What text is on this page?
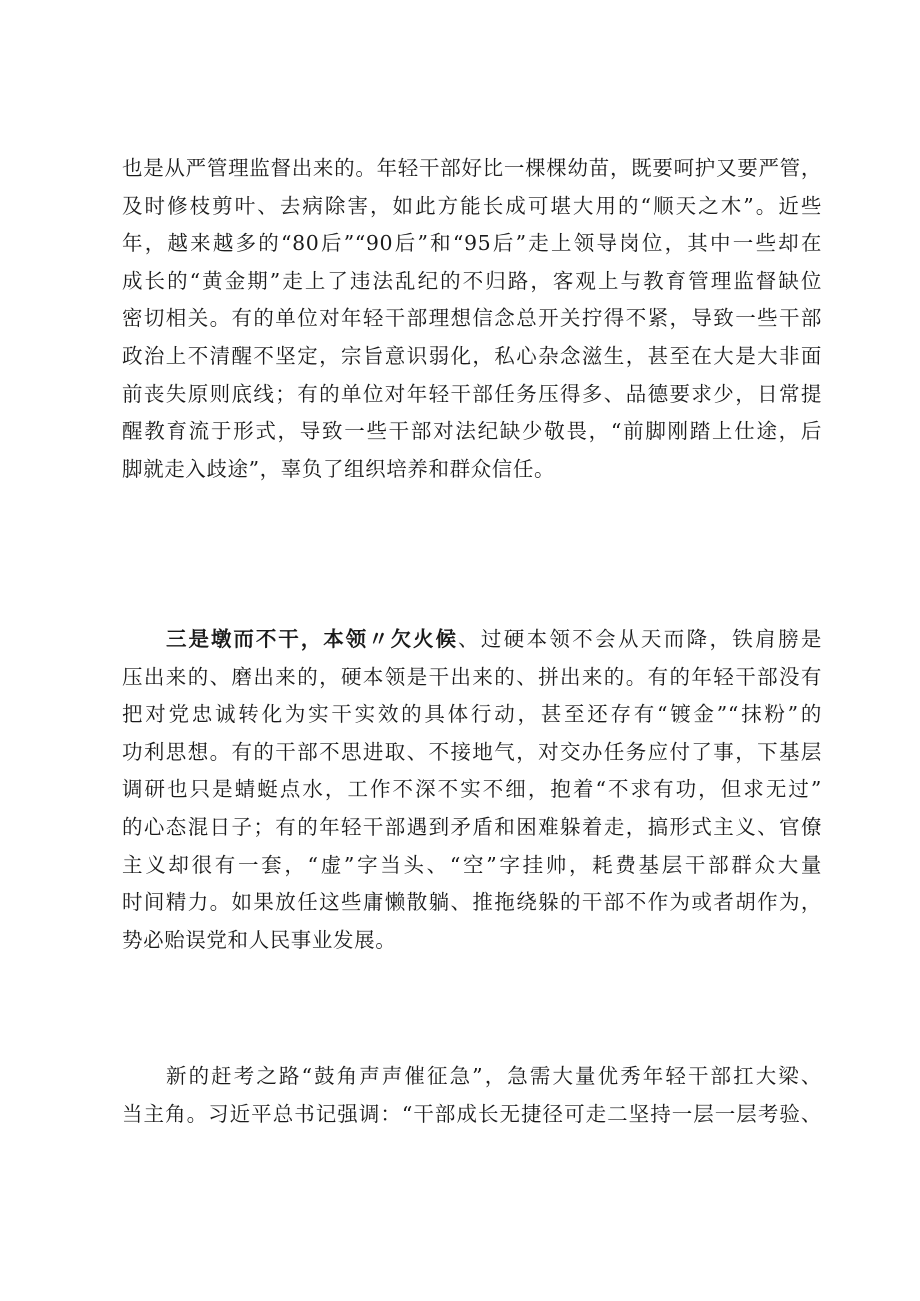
也是从严管理监督出来的。年轻干部好比一棵棵幼苗，既要呵护又要严管，
及时修枝剪叶、去病除害，如此方能长成可堪大用的“顺天之木”。近些
年，越来越多的“80后”“90后”和“95后”走上领导岗位，其中一些却在
成长的“黄金期”走上了违法乱纪的不归路，客观上与教育管理监督缺位
密切相关。有的单位对年轻干部理想信念总开关拧得不紧，导致一些干部
政治上不清醒不坚定，宗旨意识弱化，私心杂念滋生，甚至在大是大非面
前丧失原则底线；有的单位对年轻干部任务压得多、品德要求少，日常提
醒教育流于形式，导致一些干部对法纪缺少敬畏，“前脚刚踏上仕途，后
脚就走入歧途”，辜负了组织培养和群众信任。
三是墩而不干，本领〃欠火候、过硬本领不会从天而降，铁肩膀是
压出来的、磨出来的，硬本领是干出来的、拼出来的。有的年轻干部没有
把对党忠诚转化为实干实效的具体行动，甚至还存有“镀金”“抹粉”的
功利思想。有的干部不思进取、不接地气，对交办任务应付了事，下基层
调研也只是蜻蜓点水，工作不深不实不细，抱着“不求有功，但求无过”
的心态混日子；有的年轻干部遇到矛盾和困难躲着走，搞形式主义、官僚
主义却很有一套，“虚”字当头、“空”字挂帅，耗费基层干部群众大量
时间精力。如果放任这些庸懒散躺、推拖绕躲的干部不作为或者胡作为，
势必贻误党和人民事业发展。
新的赶考之路“鼓角声声催征急”，急需大量优秀年轻干部扛大梁、
当主角。习近平总书记强调：“干部成长无捷径可走二坚持一层一层考验、
